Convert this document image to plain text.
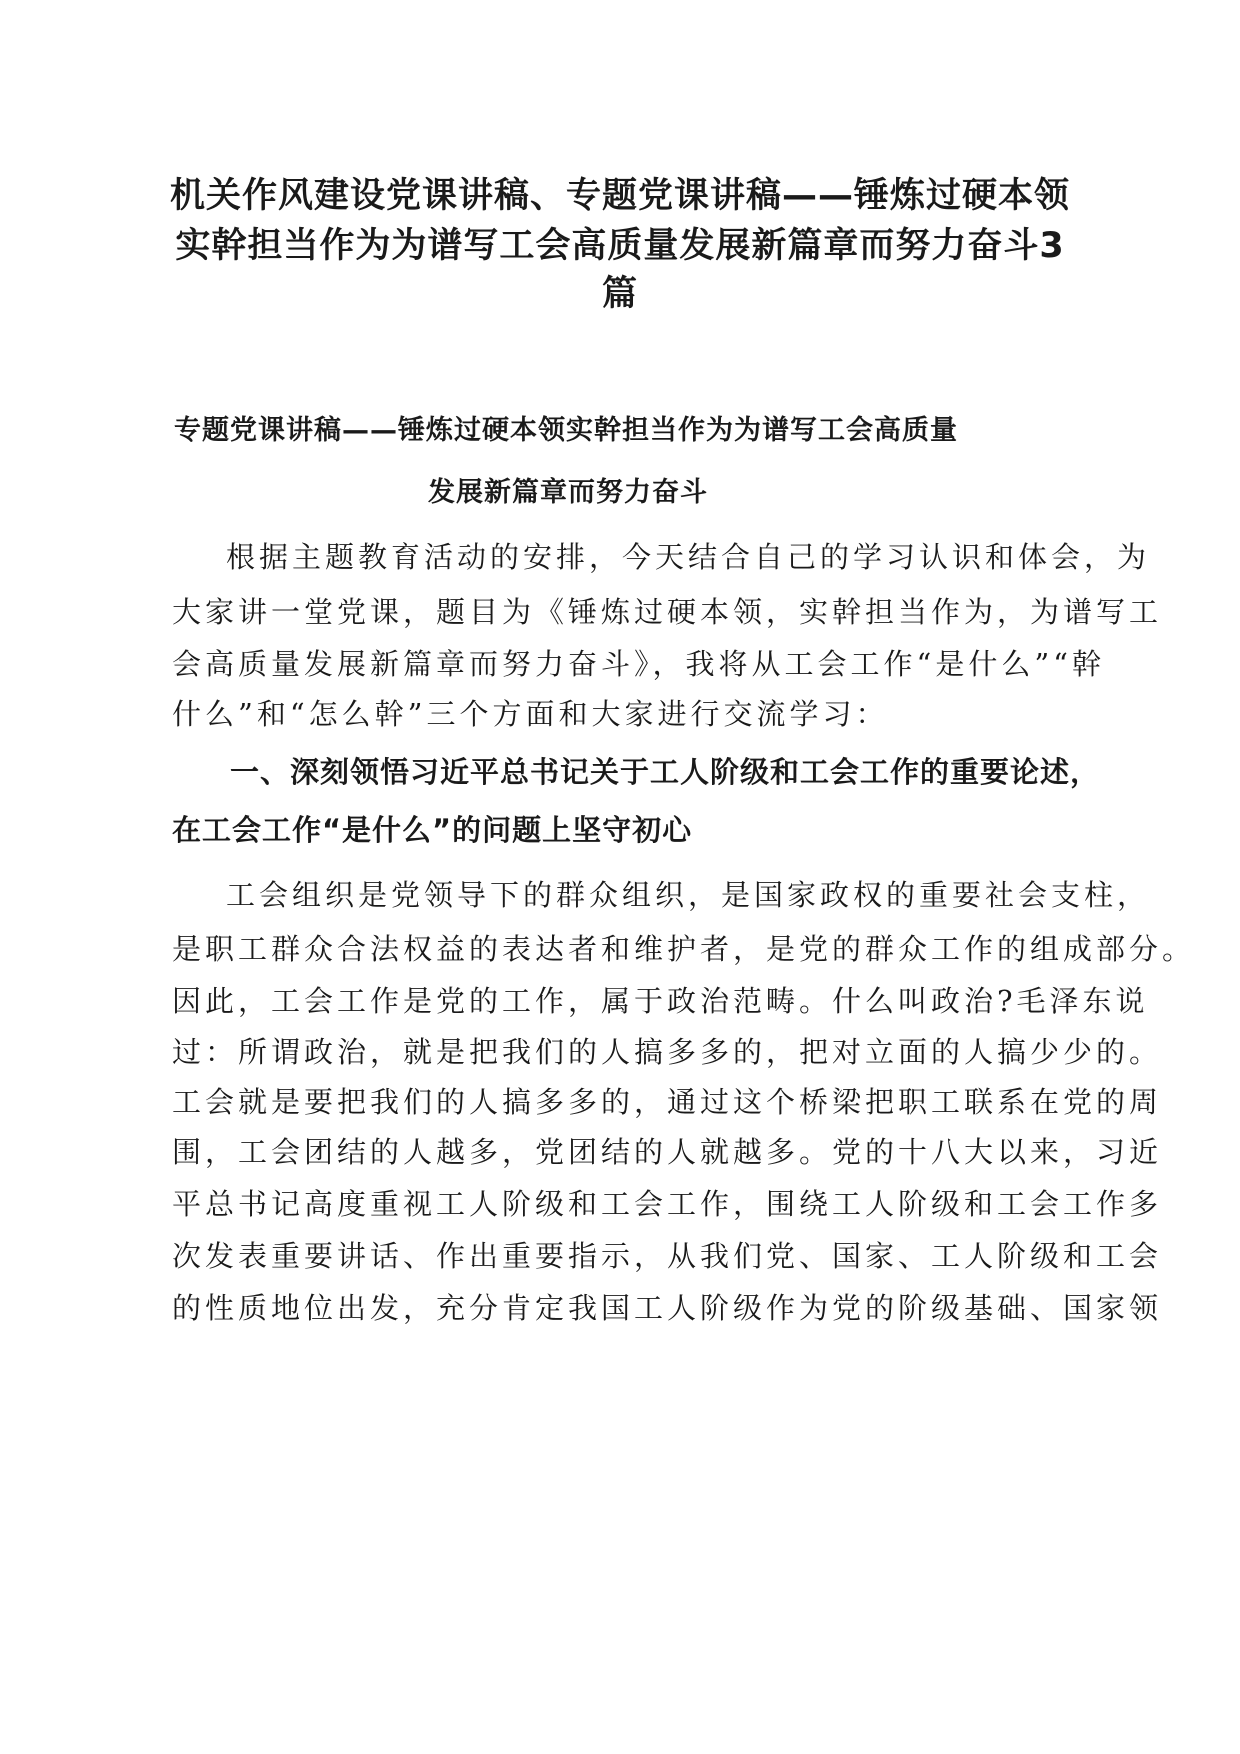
机关作风建设党课讲稿、专题党课讲稿——锤炼过硬本领
实幹担当作为为谱写工会高质量发展新篇章而努力奋斗3
篇
专题党课讲稿——锤炼过硬本领实幹担当作为为谱写工会高质量
发展新篇章而努力奋斗
根据主题教育活动的安排，今天结合自己的学习认识和体会，为
大家讲一堂党课，题目为《锤炼过硬本领，实幹担当作为，为谱写工
会高质量发展新篇章而努力奋斗》，我将从工会工作“是什么”“幹
什么”和“怎么幹”三个方面和大家进行交流学习：
一、深刻领悟习近平总书记关于工人阶级和工会工作的重要论述，
在工会工作“是什么”的问题上坚守初心
工会组织是党领导下的群众组织，是国家政权的重要社会支柱，
是职工群众合法权益的表达者和维护者，是党的群众工作的组成部分。
因此，工会工作是党的工作，属于政治范畴。什么叫政治?毛泽东说
过：所谓政治，就是把我们的人搞多多的，把对立面的人搞少少的。
工会就是要把我们的人搞多多的，通过这个桥梁把职工联系在党的周
围，工会团结的人越多，党团结的人就越多。党的十八大以来，习近
平总书记高度重视工人阶级和工会工作，围绕工人阶级和工会工作多
次发表重要讲话、作出重要指示，从我们党、国家、工人阶级和工会
的性质地位出发，充分肯定我国工人阶级作为党的阶级基础、国家领
